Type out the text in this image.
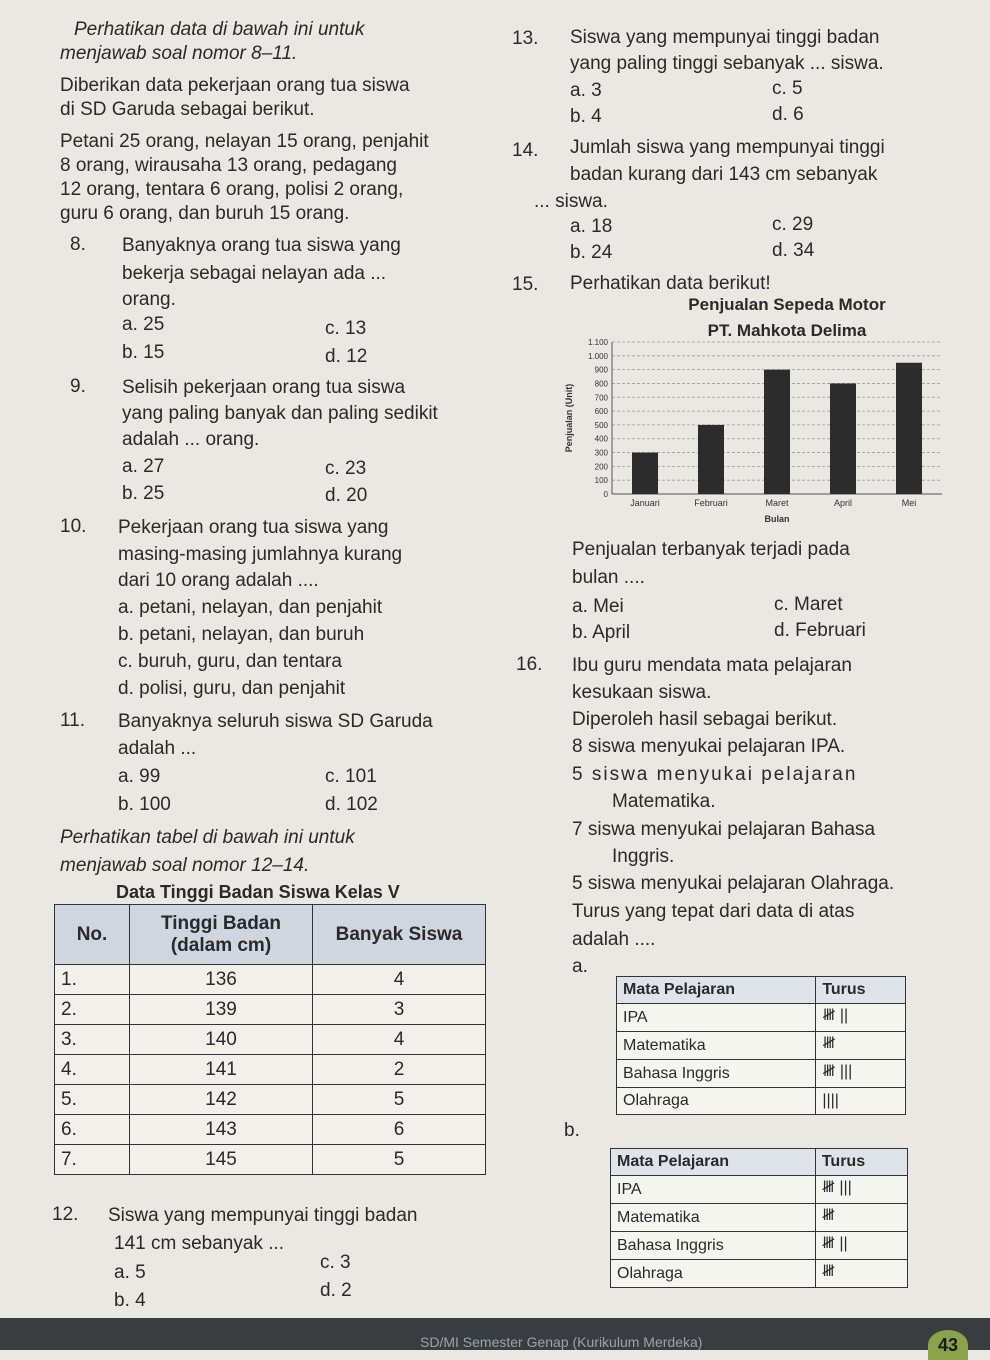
Perhatikan data di bawah ini untuk
menjawab soal nomor 8–11.
Diberikan data pekerjaan orang tua siswa
di SD Garuda sebagai berikut.
Petani 25 orang, nelayan 15 orang, penjahit
8 orang, wirausaha 13 orang, pedagang
12 orang, tentara 6 orang, polisi 2 orang,
guru 6 orang, dan buruh 15 orang.
8. Banyaknya orang tua siswa yang
bekerja sebagai nelayan ada ...
orang.
a. 25	c. 13
b. 15	d. 12
9. Selisih pekerjaan orang tua siswa
yang paling banyak dan paling sedikit
adalah ... orang.
a. 27	c. 23
b. 25	d. 20
10. Pekerjaan orang tua siswa yang
masing-masing jumlahnya kurang
dari 10 orang adalah ....
a. petani, nelayan, dan penjahit
b. petani, nelayan, dan buruh
c. buruh, guru, dan tentara
d. polisi, guru, dan penjahit
11. Banyaknya seluruh siswa SD Garuda
adalah ...
a. 99	c. 101
b. 100	d. 102
Perhatikan tabel di bawah ini untuk
menjawab soal nomor 12–14.
Data Tinggi Badan Siswa Kelas V
No.	Tinggi Badan (dalam cm)	Banyak Siswa
1.	136	4
2.	139	3
3.	140	4
4.	141	2
5.	142	5
6.	143	6
7.	145	5
12. Siswa yang mempunyai tinggi badan
141 cm sebanyak ...
a. 5	c. 3
b. 4	d. 2
13. Siswa yang mempunyai tinggi badan
yang paling tinggi sebanyak ... siswa.
a. 3	c. 5
b. 4	d. 6
14. Jumlah siswa yang mempunyai tinggi
badan kurang dari 143 cm sebanyak
... siswa.
a. 18	c. 29
b. 24	d. 34
15. Perhatikan data berikut!
Penjualan Sepeda Motor
PT. Mahkota Delima
0
100
200
300
400
500
600
700
800
900
1.000
1.100
Januari	Februari	Maret	April	Mei
Bulan
Penjualan (Unit)
Penjualan terbanyak terjadi pada
bulan ....
a. Mei	c. Maret
b. April	d. Februari
16. Ibu guru mendata mata pelajaran
kesukaan siswa.
Diperoleh hasil sebagai berikut.
8 siswa menyukai pelajaran IPA.
5 siswa menyukai pelajaran
Matematika.
7 siswa menyukai pelajaran Bahasa
Inggris.
5 siswa menyukai pelajaran Olahraga.
Turus yang tepat dari data di atas
adalah ....
a.
Mata Pelajaran	Turus
IPA	𝍸 ||
Matematika	𝍸
Bahasa Inggris	𝍸 |||
Olahraga	||||
b.
Mata Pelajaran	Turus
IPA	𝍸 |||
Matematika	𝍸
Bahasa Inggris	𝍸 ||
Olahraga	𝍸
SD/MI Semester Genap (Kurikulum Merdeka)	43
